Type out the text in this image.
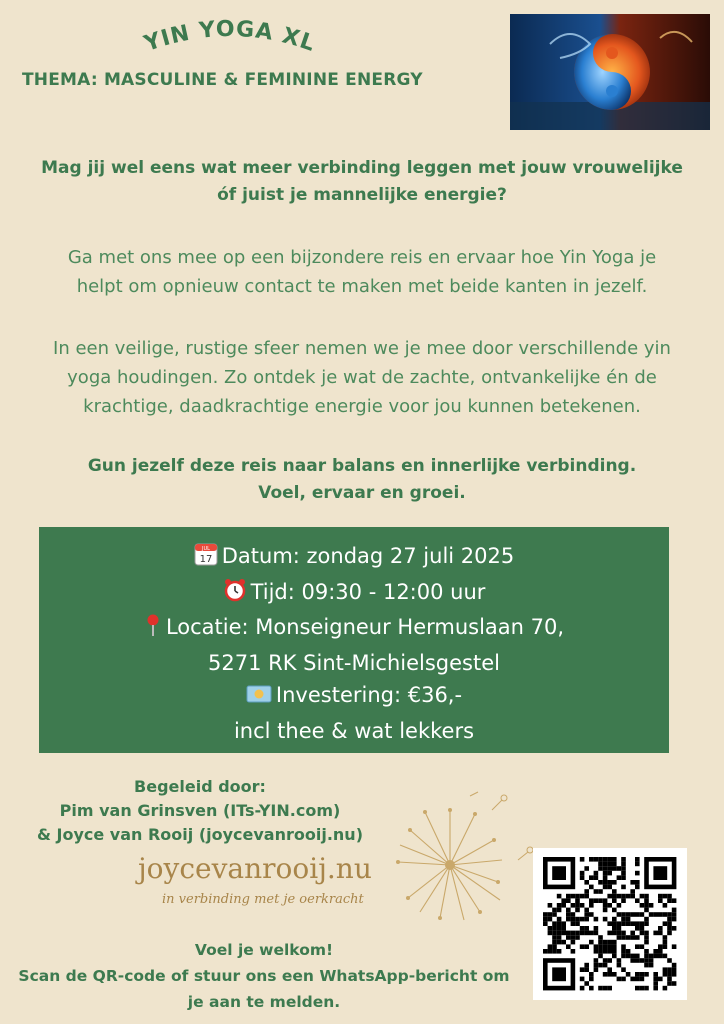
YIN YOGA XL
THEMA: MASCULINE & FEMININE ENERGY
Mag jij wel eens wat meer verbinding leggen met jouw vrouwelijke
óf juist je mannelijke energie?
Ga met ons mee op een bijzondere reis en ervaar hoe Yin Yoga je
helpt om opnieuw contact te maken met beide kanten in jezelf.
In een veilige, rustige sfeer nemen we je mee door verschillende yin
yoga houdingen. Zo ontdek je wat de zachte, ontvankelijke én de
krachtige, daadkrachtige energie voor jou kunnen betekenen.
Gun jezelf deze reis naar balans en innerlijke verbinding.
Voel, ervaar en groei.
JUL
17 Datum: zondag 27 juli 2025
Tijd: 09:30 - 12:00 uur
Locatie: Monseigneur Hermuslaan 70,
5271 RK Sint-Michielsgestel
Investering: €36,-
incl thee & wat lekkers
Begeleid door:
Pim van Grinsven (ITs-YIN.com)
& Joyce van Rooij (joycevanrooij.nu)
joycevanrooij.nu
in verbinding met je oerkracht
Voel je welkom!
Scan de QR-code of stuur ons een WhatsApp-bericht om
je aan te melden.
